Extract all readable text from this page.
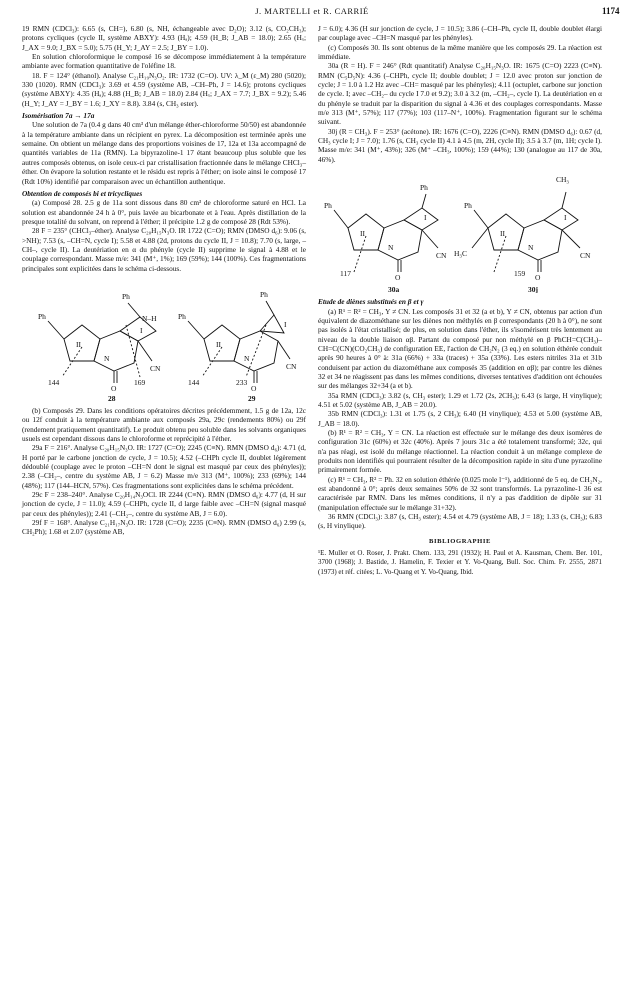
J. MARTELLI et R. CARRIÉ	1174

19 RMN (CDCl₃): 6.65 (s, CH=), 6.80 (s, NH, échangeable avec D₂O); 3.12 (s, CO₂CH₃); protons cycliques (cycle II, système ABXY): 4.93 (Hₐ); 4.59 (H_B; J_AB = 18.0); 2.65 (Hₓ; J_AX = 9.0; J_BX = 5.0); 5.75 (H_Y; J_AY = 2.5; J_BY = 1.0).

En solution chloroformique le composé 16 se décompose immédiatement à la température ambiante avec formation quantitative de l'oléfine 18.

18. F = 124° (éthanol). Analyse C₂₁H₁₉N₃O₂. IR: 1732 (C=O). UV: λ_M (ε_M) 280 (5020); 330 (1020). RMN (CDCl₃): 3.69 et 4.59 (système AB, –CH–Ph, J = 14.6); protons cycliques (système ABXY): 4.35 (Hₐ); 4.88 (H_B; J_AB = 18.0) 2.84 (Hₓ; J_AX = 7.7; J_BX = 9.2); 5.46 (H_Y; J_AY = J_BY = 1.6; J_XY = 8.8). 3.84 (s, CH₃ ester).

Isomérisation 7a → 17a

Une solution de 7a (0.4 g dans 40 cm³ d'un mélange éther-chloroforme 50/50) est abandonnée à la température ambiante dans un récipient en pyrex. La décomposition est terminée après une semaine. On obtient un mélange dans des proportions voisines de 17, 12a et 13a accompagné de quantités variables de 11a (RMN). La bipyrazoline-1 17 étant beaucoup plus soluble que les autres composés obtenus, on isole ceux-ci par cristallisation fractionnée dans le mélange CHCl₃–éther. On évapore la solution restante et le résidu est repris à l'éther; on isole ainsi le composé 17 (Rdt 10%) identifié par comparaison avec un échantillon authentique.

Obtention de composés bi et tricycliques

(a) Composé 28. 2.5 g de 11a sont dissous dans 80 cm³ de chloroforme saturé en HCl. La solution est abandonnée 24 h à 0°, puis lavée au bicarbonate et à l'eau. Après distillation de la presque totalité du solvant, on reprend à l'éther; il précipite 1.2 g de composé 28 (Rdt 53%).

28 F = 235° (CHCl₃–éther). Analyse C₂₀H₁₅N₃O. IR 1722 (C=O); RMN (DMSO d₆): 9.06 (s, >NH); 7.53 (s, –CH=N, cycle I); 5.58 et 4.88 (2d, protons du cycle II, J = 10.8); 7.70 (s, large, –CH–, cycle II). La deutériation en α du phényle (cycle II) supprime le signal à 4.88 et le couplage correspondant. Masse m/e: 341 (M⁺, 1%); 169 (59%); 144 (100%). Ces fragmentations principales sont explicitées dans le schéma ci-dessous.

Ph
Ph
II
I
N
N–H
O
CN
144	169
28
Ph
Ph
II
I
N
O
CN
144	233
29

(b) Composés 29. Dans les conditions opératoires décrites précédemment, 1.5 g de 12a, 12c ou 12f conduit à la température ambiante aux composés 29a, 29c (rendements 80%) ou 29f (rendement pratiquement quantitatif). Le produit obtenu peu soluble dans les solvants organiques usuels est cependant dissous dans le chloroforme et reprécipité à l'éther.

29a F = 216°. Analyse C₂₀H₁₅N₃O. IR: 1727 (C=O); 2245 (C≡N). RMN (DMSO d₆): 4.71 (d, H porté par le carbone jonction de cycle, J = 10.5); 4.52 (–CHPh cycle II, doublet légèrement dédoublé (couplage avec le proton –CH=N dont le signal est masqué par ceux des phényles)); 2.38 (–CH₂–, centre du système AB, J = 6.2) Masse m/e 313 (M⁺, 100%); 233 (69%); 144 (48%); 117 (144–HCN, 57%). Ces fragmentations sont explicitées dans le schéma précédent.

29c F = 238–240°. Analyse C₂₀H₁₄N₃OCl. IR 2244 (C≡N). RMN (DMSO d₆): 4.77 (d, H sur jonction de cycle, J = 11.0); 4.59 (–CHPh, cycle II, d large faible avec –CH=N (signal masqué par ceux des phényles)); 2.41 (–CH₂–, centre du système AB, J = 6.0).

29f F = 168°. Analyse C₂₁H₁₇N₃O. IR: 1728 (C=O); 2235 (C≡N). RMN (DMSO d₆) 2.99 (s, CH₂Ph); 1.68 et 2.07 (système AB,

J = 6.0); 4.36 (H sur jonction de cycle, J = 10.5); 3.86 (–CH–Ph, cycle II, double doublet élargi par couplage avec –CH=N masqué par les phényles).

(c) Composés 30. Ils sont obtenus de la même manière que les composés 29. La réaction est immédiate.

30a (R = H). F = 246° (Rdt quantitatif) Analyse C₂₀H₁₅N₃O. IR: 1675 (C=O) 2223 (C≡N). RMN (C₅D₅N): 4.36 (–CHPh, cycle II; double doublet; J = 12.0 avec proton sur jonction de cycle; J = 1.0 à 1.2 Hz avec –CH= masqué par les phényles); 4.11 (octuplet, carbone sur jonction de cycle. I; avec –CH₂– du cycle I 7.0 et 9.2); 3.0 à 3.2 (m, –CH₂–, cycle I). La deutériation en α du phényle se traduit par la disparition du signal à 4.36 et des couplages correspondants. Masse m/e 313 (M⁺, 57%); 117 (77%); 103 (117–N⁺, 100%). Fragmentation figurant sur le schéma suivant.

30j (R = CH₃). F = 253° (acétone). IR: 1676 (C=O), 2226 (C≡N). RMN (DMSO d₆): 0.67 (d, CH₃ cycle I; J = 7.0); 1.76 (s, CH₃ cycle II) 4.1 à 4.5 (m, 2H, cycle II); 3.5 à 3.7 (m, 1H; cycle I). Masse m/e: 341 (M⁺, 43%); 326 (M⁺ –CH₃, 100%); 159 (44%); 130 (analogue au 117 de 30a, 46%).

Ph
Ph
II
I
N
O
CN
117
30a
Ph
CH₃
H₃C
II
I
N
O
CN
159
30j

Etude de diènes substitués en β et γ

(a) R¹ = R² = CH₃, Y ≠ CN. Les composés 31 et 32 (a et b), Y ≠ CN, obtenus par action d'un équivalent de diazométhane sur les diènes non méthylés en β correspondants (20 h à 0°), ne sont pas isolés à l'état cristallisé; de plus, en solution dans l'éther, ils s'isomérisent très lentement au niveau de la double liaison αβ. Partant du composé pur non méthylé en β PhCH=C(CH₃)–CH=C(CN)(CO₂CH₃) de configuration EE, l'action de CH₂N₂ (3 eq.) en solution éthérée conduit après 90 heures à 0° à: 31a (66%) + 33a (traces) + 35a (33%). Les esters nitriles 31a et 31b conduisent par action du diazométhane aux composés 35 (addition en αβ); par contre les diènes 32 et 34 ne réagissent pas dans les mêmes conditions, diverses tentatives d'addition ont échouées sur des mélanges 32+34 (a et b).

35a RMN (CDCl₃): 3.82 (s, CH₃ ester); 1.29 et 1.72 (2s, 2CH₃); 6.43 (s large, H vinylique); 4.51 et 5.02 (système AB, J_AB = 20.0).

35b RMN (CDCl₃): 1.31 et 1.75 (s, 2 CH₃); 6.40 (H vinylique); 4.53 et 5.00 (système AB, J_AB = 18.0).

(b) R¹ = R² = CH₃, Y = CN. La réaction est effectuée sur le mélange des deux isomères de configuration 31c (60%) et 32c (40%). Après 7 jours 31c a été totalement transformé; 32c, qui n'a pas réagi, est isolé du mélange réactionnel. La réaction conduit à un mélange complexe de produits non identifiés qui pourraient résulter de la décomposition rapide in situ d'une pyrazoline primairement formée.

(c) R¹ = CH₃, R² = Ph. 32 en solution éthérée (0.025 mole l⁻¹), additionné de 5 eq. de CH₂N₂, est abandonné à 0°; après deux semaines 50% de 32 sont transformés. La pyrazoline-1 36 est caractérisée par RMN. Dans les mêmes conditions, il n'y a pas d'addition de dipôle sur 31 (manipulation effectuée sur le mélange 31+32).

36 RMN (CDCl₃): 3.87 (s, CH₃ ester); 4.54 et 4.79 (système AB, J = 18); 1.33 (s, CH₃); 6.83 (s, H vinylique).

BIBLIOGRAPHIE

¹E. Muller et O. Roser, J. Prakt. Chem. 133, 291 (1932); H. Paul et A. Kausman, Chem. Ber. 101, 3700 (1968); J. Bastide, J. Hamelin, F. Texier et Y. Vo-Quang, Bull. Soc. Chim. Fr. 2555, 2871 (1973) et réf. citées; L. Vo-Quang et Y. Vo-Quang, Ibid.
